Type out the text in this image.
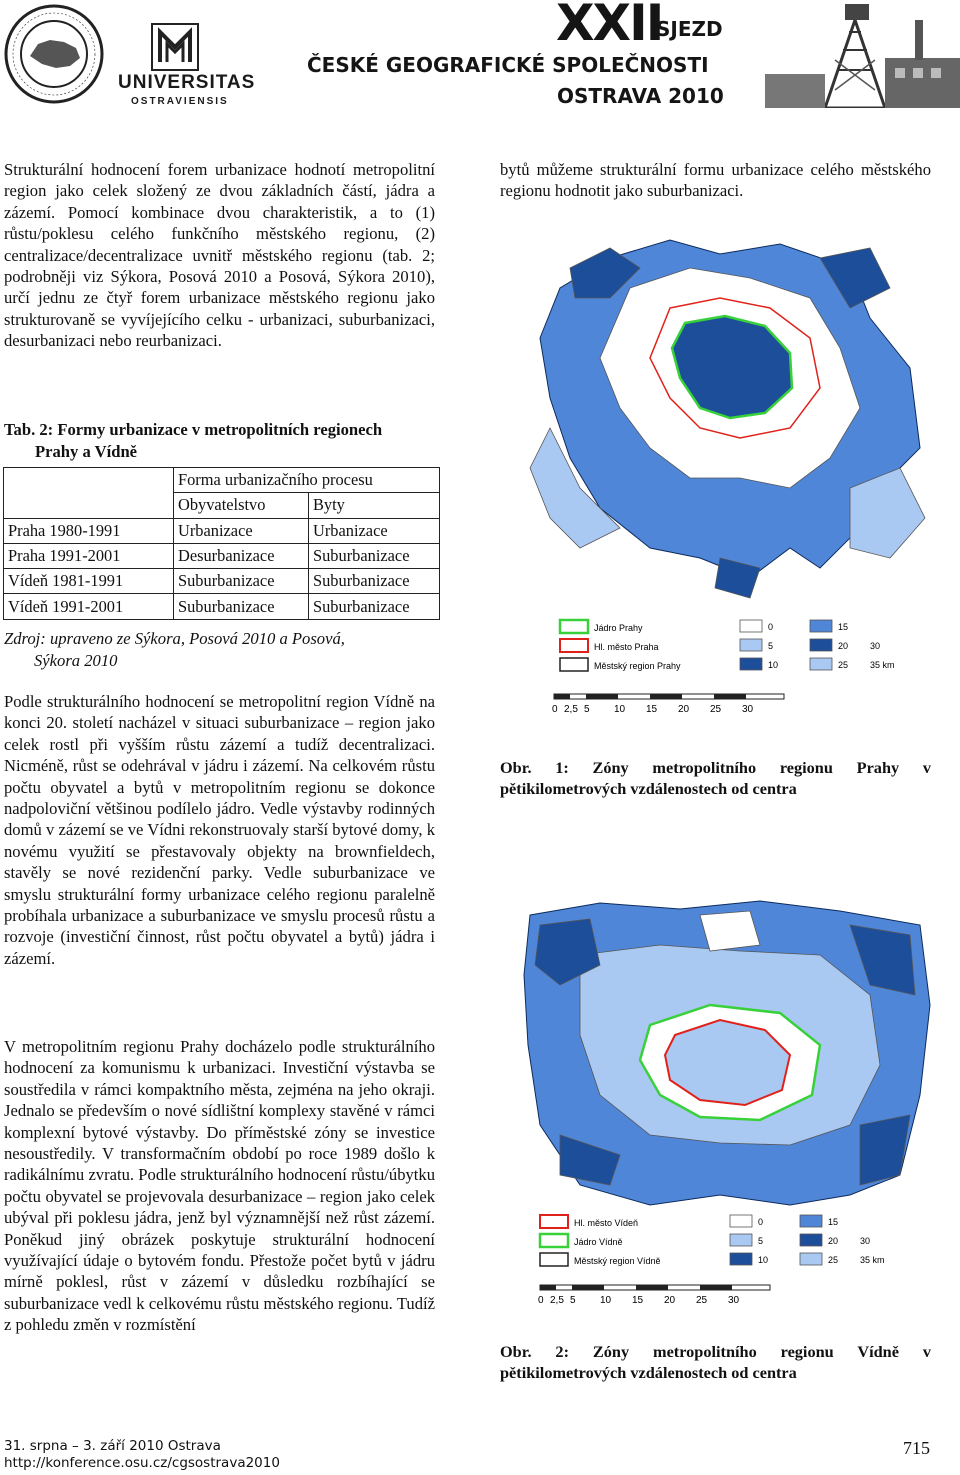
UNIVERSITAS
OSTRAVIENSIS
XXII
SJEZD
ČESKÉ GEOGRAFICKÉ SPOLEČNOSTI
OSTRAVA 2010
Strukturální hodnocení forem urbanizace hodnotí metropolitní region jako celek složený ze dvou základních částí, jádra a zázemí. Pomocí kombinace dvou charakteristik, a to (1) růstu/poklesu celého funkčního městského regionu, (2) centralizace/decentralizace uvnitř městského regionu (tab. 2; podrobněji viz Sýkora, Posová 2010 a Posová, Sýkora 2010), určí jednu ze čtyř forem urbanizace městského regionu jako strukturovaně se vyvíjejícího celku - urbanizaci, suburbanizaci, desurbanizaci nebo reurbanizaci.
Tab. 2: Formy urbanizace v metropolitních regionech
Prahy a Vídně
	Forma urbanizačního procesu	
	Obyvatelstvo	Byty
Praha 1980-1991	Urbanizace	Urbanizace
Praha 1991-2001	Desurbanizace	Suburbanizace
Vídeň 1981-1991	Suburbanizace	Suburbanizace
Vídeň 1991-2001	Suburbanizace	Suburbanizace
Zdroj: upraveno ze Sýkora, Posová 2010 a Posová,
Sýkora 2010
Podle strukturálního hodnocení se metropolitní region Vídně na konci 20. století nacházel v situaci suburbanizace – region jako celek rostl při vyšším růstu zázemí a tudíž decentralizaci. Nicméně, růst se odehrával v jádru i zázemí. Na celkovém růstu počtu obyvatel a bytů v metropolitním regionu se dokonce nadpoloviční většinou podílelo jádro. Vedle výstavby rodinných domů v zázemí se ve Vídni rekonstruovaly starší bytové domy, k novému využití se přestavovaly objekty na brownfieldech, stavěly se nové rezidenční parky. Vedle suburbanizace ve smyslu strukturální formy urbanizace celého regionu paralelně probíhala urbanizace a suburbanizace ve smyslu procesů růstu a rozvoje (investiční činnost, růst počtu obyvatel a bytů) jádra i zázemí.
V metropolitním regionu Prahy docházelo podle strukturálního hodnocení za komunismu k urbanizaci. Investiční výstavba se soustředila v rámci kompaktního města, zejména na jeho okraji. Jednalo se především o nové sídlištní komplexy stavěné v rámci komplexní bytové výstavby. Do příměstské zóny se investice nesoustředily. V transformačním období po roce 1989 došlo k radikálnímu zvratu. Podle strukturálního hodnocení růstu/úbytku počtu obyvatel se projevovala desurbanizace – region jako celek ubýval při poklesu jádra, jenž byl významnější než růst zázemí. Poněkud jiný obrázek poskytuje strukturální hodnocení využívající údaje o bytovém fondu. Přestože počet bytů v jádru mírně poklesl, růst v zázemí v důsledku rozbíhající se suburbanizace vedl k celkovému růstu městského regionu. Tudíž z pohledu změn v rozmístění
bytů můžeme strukturální formu urbanizace celého městského regionu hodnotit jako suburbanizaci.
Jádro Prahy
Hl. město Praha
Městský region Prahy
0
5
10
15
20
25
30
35 km
0 2,5 5 10 15 20 25 30
Obr. 1: Zóny metropolitního regionu Prahy v pětikilometrových vzdálenostech od centra
Hl. město Vídeň
Jádro Vídně
Městský region Vídně
0
5
10
15
20
25
30
35 km
0 2,5 5 10 15 20 25 30
Obr. 2: Zóny metropolitního regionu Vídně v pětikilometrových vzdálenostech od centra
31. srpna – 3. září 2010 Ostrava
http://konference.osu.cz/cgsostrava2010
715
